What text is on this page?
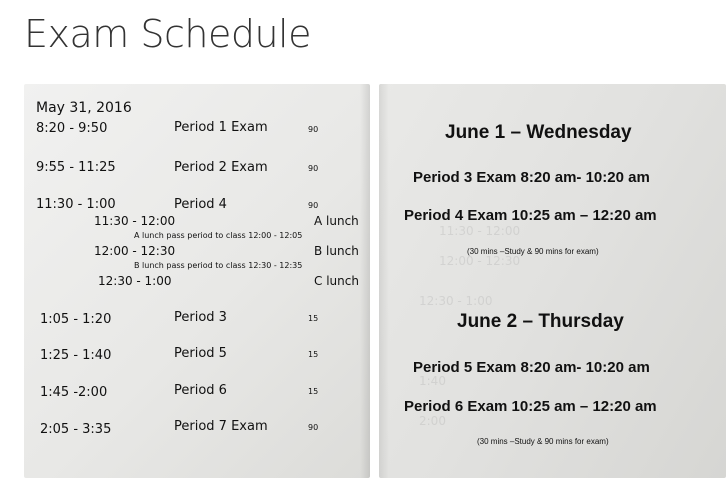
Exam Schedule
May 31, 2016
8:20 - 9:50	Period 1 Exam	90
9:55 - 11:25	Period 2 Exam	90
11:30 - 1:00	Period 4	90
11:30 - 12:00	A lunch
A lunch pass period to class 12:00 - 12:05
12:00 - 12:30	B lunch
B lunch pass period to class 12:30 - 12:35
12:30 - 1:00	C lunch
1:05 - 1:20	Period 3	15
1:25 - 1:40	Period 5	15
1:45 -2:00	Period 6	15
2:05 - 3:35	Period 7 Exam	90
11:30 - 12:00
12:00 - 12:30
12:30 - 1:00
1:40
2:00
June 1 – Wednesday
Period 3 Exam 8:20 am- 10:20 am
Period 4 Exam 10:25 am – 12:20 am
(30 mins –Study & 90 mins for exam)
June 2 – Thursday
Period 5 Exam 8:20 am- 10:20 am
Period 6 Exam 10:25 am – 12:20 am
(30 mins –Study & 90 mins for exam)
